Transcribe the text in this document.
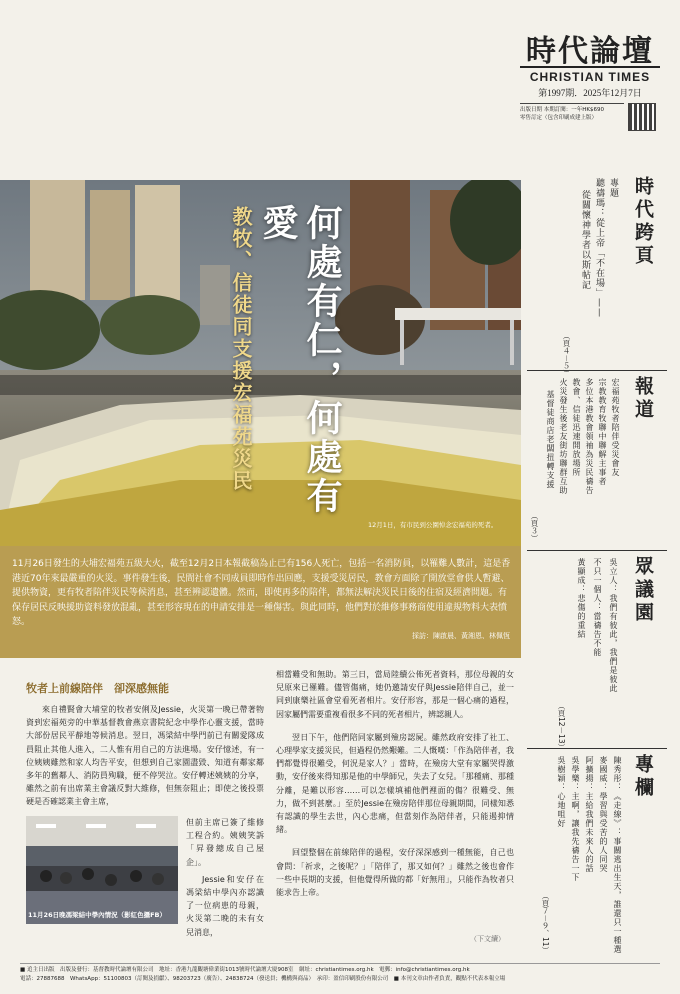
時代論壇
CHRISTIAN TIMES
第1997期．2025年12月7日
出版日期 本期訂閱：一年HK$690
零售訂定（包含印刷成建上版）
何處有仁，何處有愛
教牧、信徒同支援宏福苑災民
12月1日，有市民到公園悼念宏福苑的死者。
11月26日發生的大埔宏福苑五級大火，截至12月2日本報截稿為止已有156人死亡，包括一名消防員，以罹難人數計，這是香港近70年來最嚴重的火災。事件發生後，民間社會不同成員即時作出回應，支援受災居民，教會方面除了開放堂會供人暫避、提供物資，更有牧者陪伴災民等候消息，甚至辨認遺體。然而，即使再多的陪伴，都無法解決災民日後的住宿及經濟問題。有保存居民反映援助資料發放混亂，甚至形容現在的申請安排是一種傷害。與此同時，他們對於維修事務商使用違規物料大表憤怒。
採訪：陳啟晨、黃湘恩、林佩恆
牧者上前線陪伴　卻深感無能

來自禮賢會大埔堂的牧者安俐及Jessie，火災第一晚已帶著物資到宏福苑旁的中華基督教會燕京書院紀念中學作心靈支援，當時大部份居民平靜地等候消息。翌日，馮梁結中學門前已有關愛隊成員阻止其他人進入，二人惟有用自己的方法進場。安仔憶述，有一位姨姨雖然和家人均告平安，但想到自己家園盡毀、知道有鄰家鄰多年的舊鄰人、消防員殉職，便不停哭泣。安仔轉述姨姨的分享，雖然之前有出席業主會議反對大維修，但無奈阻止；即使之後投票硬是否確認業主會主席，

11月26日晚馮梁結中學內情況（影紅色攝FB）

但前主席已簽了維修工程合約。姨姨笑訴「昇發總成自己屋企」。

Jessie和安仔在馮梁結中學內亦認識了一位病患的母親，火災第二晚的未有女兒消息，

相當難受和無助。第三日，當局陸續公佈死者資料，那位母親的女兒原來已罹難。儘管傷痛，她仍邀請安仔與Jessie陪伴自己，並一同到康樂社區會堂看死者相片。安仔形容，那是一個心痛的過程，因家屬們需要重複看很多不同的死者相片，辨認親人。

翌日下午，他們陪同家屬到殮房認屍。雖然政府安排了社工、心理學家支援災民，但過程仍然艱難。二人慨嘆：「作為陪伴者，我們都覺得很難受，何況是家人？」當時，在殮房大堂有家屬哭得激動，安仔後來得知那是他的中學師兄，失去了女兒。「那種痛、那種分離，是難以形容……可以怎樣填補他們裡面的傷？很難受、無力，做不到甚麼。」至於Jessie在殮房陪伴那位母親期間，同樣知悉有認識的學生去世，內心悲痛，但當刻作為陪伴者，只能遏抑情緒。

回望整個在前線陪伴的過程，安仔深深感到一種無能，自己也會問：「祈求，之後呢？」「陪伴了，那又如何？」雖然之後也會作一些中長期的支援，但他覺得所做的都「好無用」，只能作為牧者只能求告上帝。

（下文續）
時代跨頁
專題
聽禱瑪：從上帝「不在場」——
從關懷神學者以斯帖記
（頁４－５）
報道
宏福苑牧者陪伴受災會友
宗教教育牧聯中聯解主事者
多位本港教會領袖為災民禱告
教會、信徒迅速開放場所
火災發生後老友街坊聯群互助
基督徒商店老闆扭轉支援
（頁３）
眾議園
吳立人：我們有彼此，我們是彼此
不只一個人：當禱告不能
黃顯成：悲傷的重結
（頁12－13）
專欄
陳秀彤：《走線》：事關逃出生天，誰還只一種選
麥國威：學習與受苦的人同哭
阿擴揚：主給我們未來人的話
吳學樂：主啊，讓我先禱告一下
吳樹穎：心地咀好
（頁７－９、11）
■ 追主日出版　出版及發行：基督教時代論壇有限公司　地址：香港九龍觀塘偉業街1013號時代論壇大廈908室　網址：christiantimes.org.hk　電郵：info@christiantimes.org.hk
電話：27887688　WhatsApp：51100803（訂閱及捐獻）、98203723（廣告）、24838724（發送員；機構與商品）　承印：盈信印刷股份有限公司　■ 本刊文章由作者負責，觀點不代表本報立場
